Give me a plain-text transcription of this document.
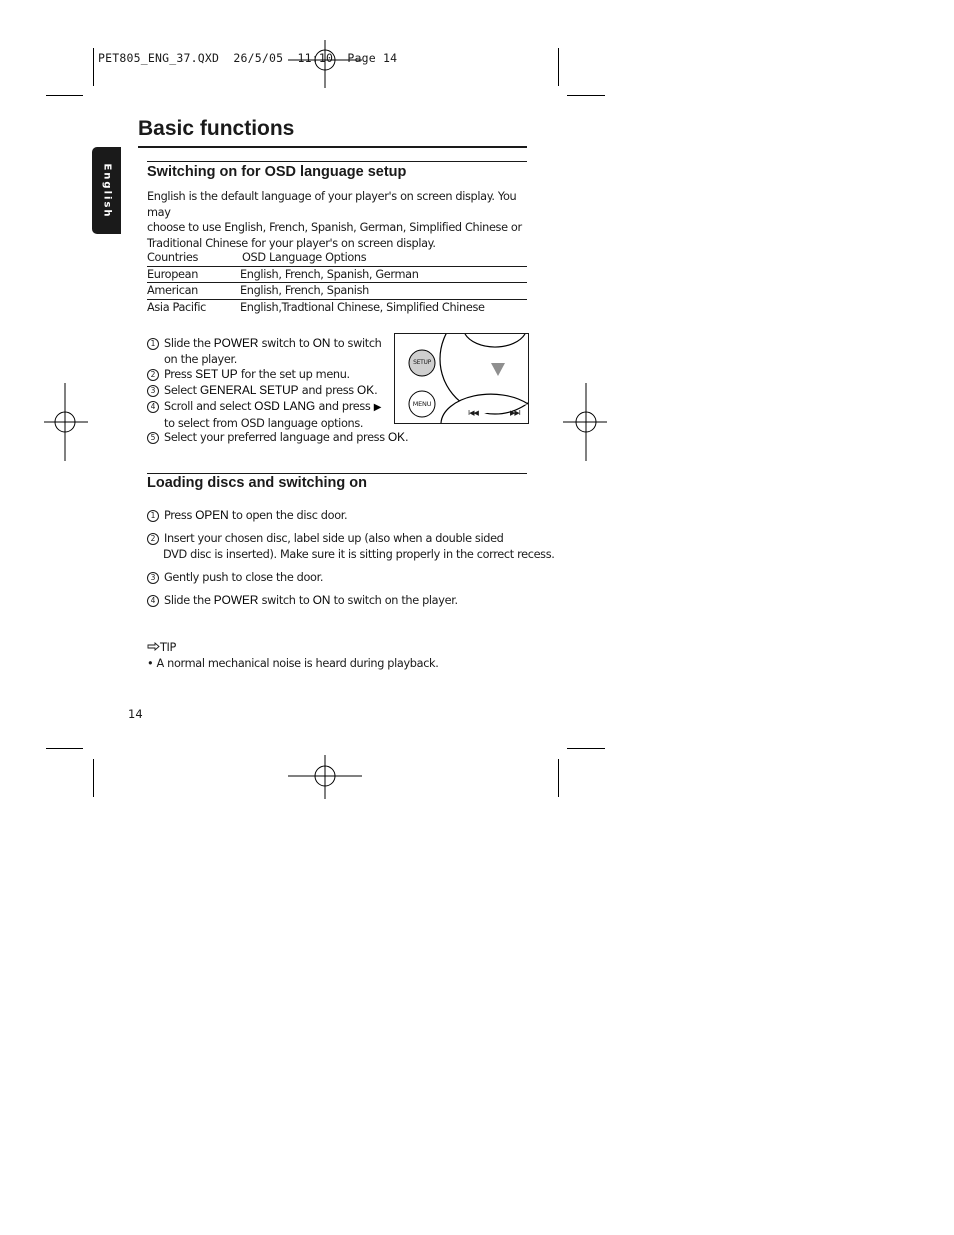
PET805_ENG_37.QXD  26/5/05  11:10  Page 14
English
Basic functions
Switching on for OSD language setup
English is the default language of your player's on screen display. You may
choose to use English, French, Spanish, German, Simplified Chinese or
Traditional Chinese for your player's on screen display.
Countries	OSD Language Options
European	English, French, Spanish, German
American	English, French, Spanish
Asia Pacific	English,Tradtional Chinese, Simplified Chinese
1 Slide the POWER switch to ON to switch
on the player.
2 Press SET UP for the set up menu.
3 Select GENERAL SETUP and press OK.
4 Scroll and select OSD LANG and press ▶
to select from OSD language options.
5 Select your preferred language and press OK.
SETUP
MENU
I◀◀	▶▶I
Loading discs and switching on
1 Press OPEN to open the disc door.
2 Insert your chosen disc, label side up (also when a double sided
DVD disc is inserted). Make sure it is sitting properly in the correct recess.
3 Gently push to close the door.
4 Slide the POWER switch to ON to switch on the player.
TIP
• A normal mechanical noise is heard during playback.
14
